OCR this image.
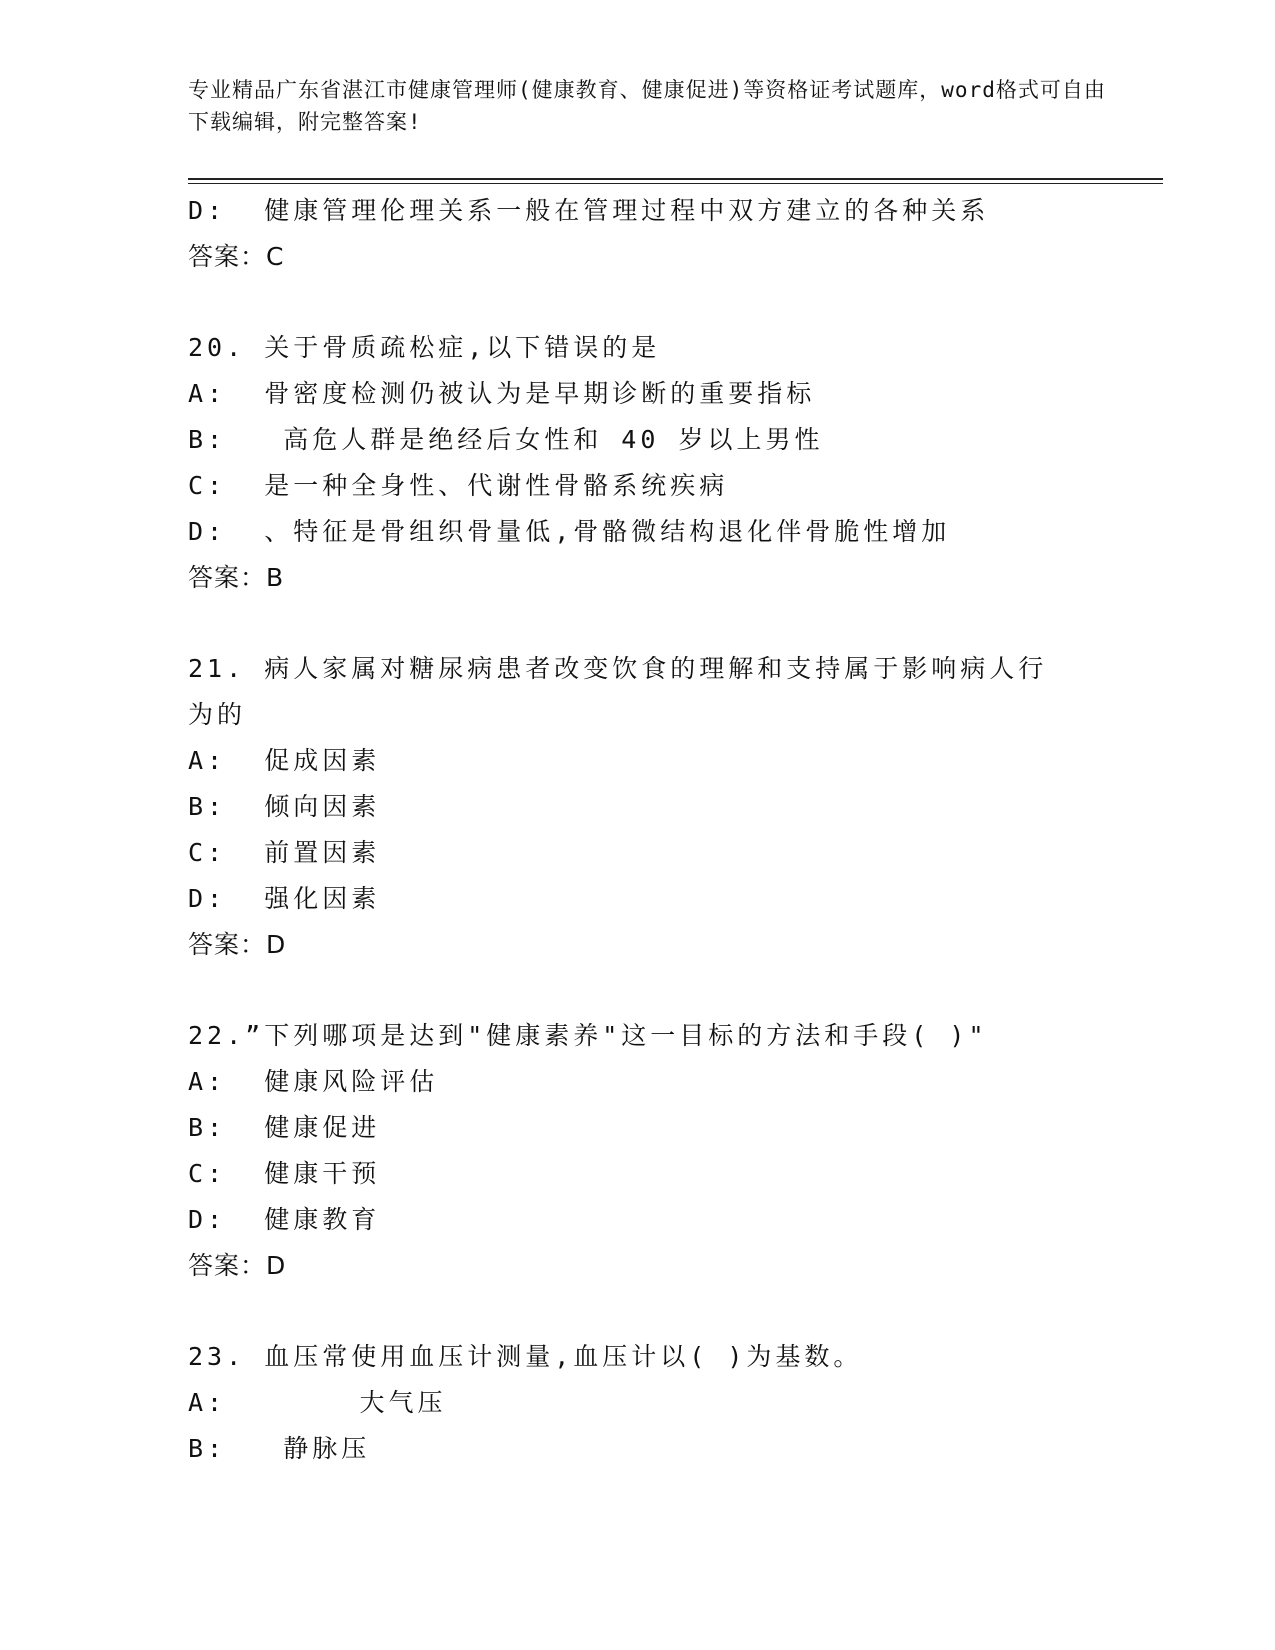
专业精品广东省湛江市健康管理师(健康教育、健康促进)等资格证考试题库，word格式可自由下载编辑，附完整答案!
D:  健康管理伦理关系一般在管理过程中双方建立的各种关系
答案：C
20. 关于骨质疏松症,以下错误的是
A:  骨密度检测仍被认为是早期诊断的重要指标
B:   高危人群是绝经后女性和 40 岁以上男性
C:  是一种全身性、代谢性骨骼系统疾病
D:  、特征是骨组织骨量低,骨骼微结构退化伴骨脆性增加
答案：B
21. 病人家属对糖尿病患者改变饮食的理解和支持属于影响病人行为的
A:  促成因素
B:  倾向因素
C:  前置因素
D:  强化因素
答案：D
22.”下列哪项是达到"健康素养"这一目标的方法和手段( )"
A:  健康风险评估
B:  健康促进
C:  健康干预
D:  健康教育
答案：D
23. 血压常使用血压计测量,血压计以( )为基数。
A:       大气压
B:   静脉压
